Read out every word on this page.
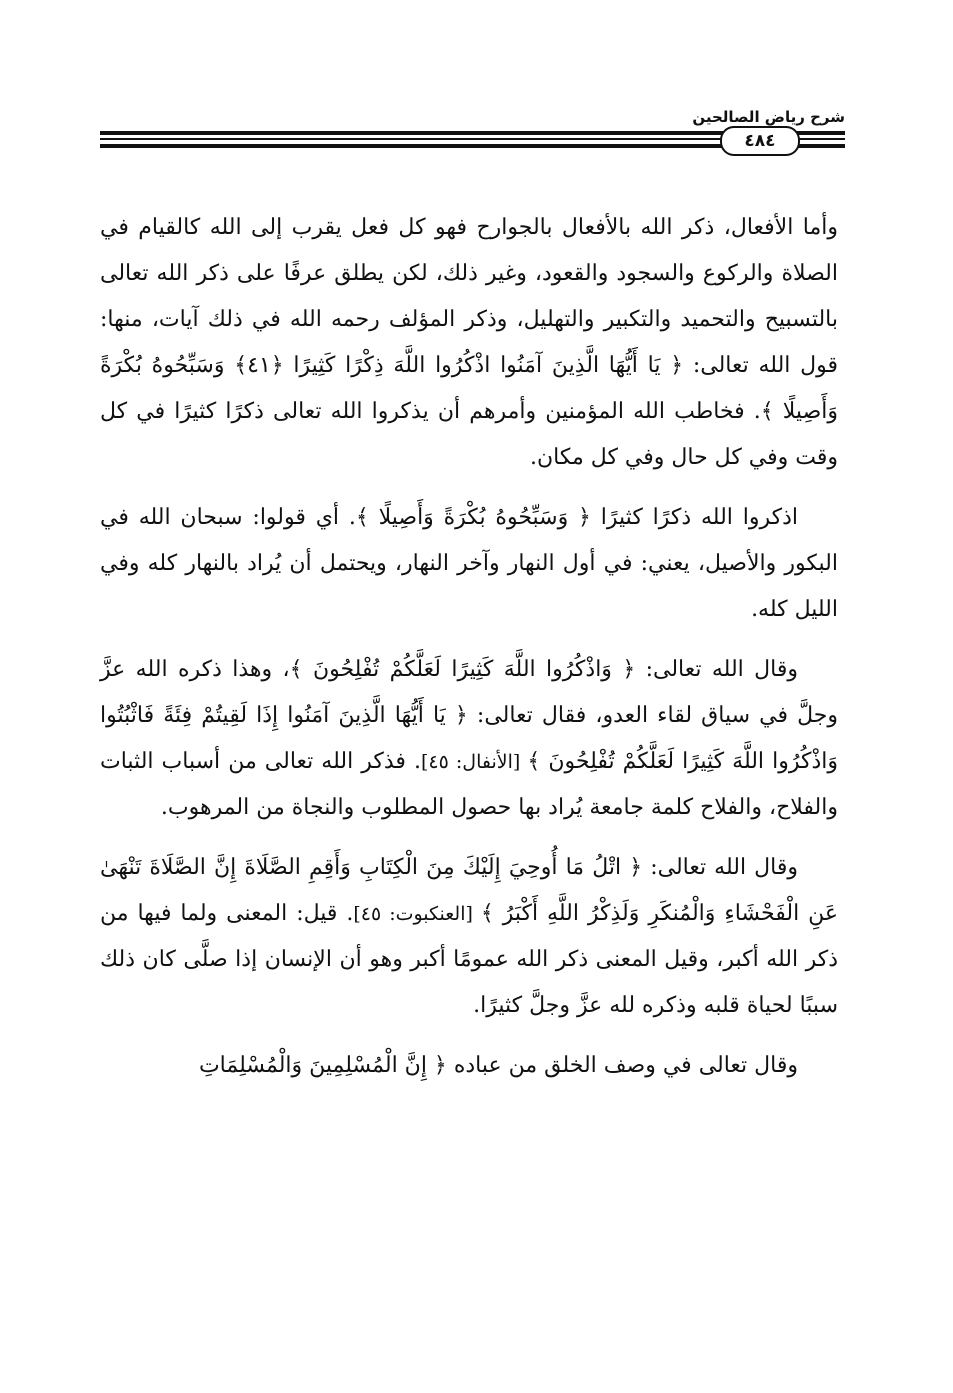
شرح رياض الصالحين
٤٨٤

وأما الأفعال، ذكر الله بالأفعال بالجوارح فهو كل فعل يقرب إلى الله كالقيام في الصلاة والركوع والسجود والقعود، وغير ذلك، لكن يطلق عرفًا على ذكر الله تعالى بالتسبيح والتحميد والتكبير والتهليل، وذكر المؤلف رحمه الله في ذلك آيات، منها: قول الله تعالى: ﴿ يَا أَيُّهَا الَّذِينَ آمَنُوا اذْكُرُوا اللَّهَ ذِكْرًا كَثِيرًا ﴿٤١﴾ وَسَبِّحُوهُ بُكْرَةً وَأَصِيلًا ﴾. فخاطب الله المؤمنين وأمرهم أن يذكروا الله تعالى ذكرًا كثيرًا في كل وقت وفي كل حال وفي كل مكان.

اذكروا الله ذكرًا كثيرًا ﴿ وَسَبِّحُوهُ بُكْرَةً وَأَصِيلًا ﴾. أي قولوا: سبحان الله في البكور والأصيل، يعني: في أول النهار وآخر النهار، ويحتمل أن يُراد بالنهار كله وفي الليل كله.

وقال الله تعالى: ﴿ وَاذْكُرُوا اللَّهَ كَثِيرًا لَعَلَّكُمْ تُفْلِحُونَ ﴾، وهذا ذكره الله عزَّ وجلَّ في سياق لقاء العدو، فقال تعالى: ﴿ يَا أَيُّهَا الَّذِينَ آمَنُوا إِذَا لَقِيتُمْ فِئَةً فَاثْبُتُوا وَاذْكُرُوا اللَّهَ كَثِيرًا لَعَلَّكُمْ تُفْلِحُونَ ﴾ [الأنفال: ٤٥]. فذكر الله تعالى من أسباب الثبات والفلاح، والفلاح كلمة جامعة يُراد بها حصول المطلوب والنجاة من المرهوب.

وقال الله تعالى: ﴿ اتْلُ مَا أُوحِيَ إِلَيْكَ مِنَ الْكِتَابِ وَأَقِمِ الصَّلَاةَ إِنَّ الصَّلَاةَ تَنْهَىٰ عَنِ الْفَحْشَاءِ وَالْمُنكَرِ وَلَذِكْرُ اللَّهِ أَكْبَرُ ﴾ [العنكبوت: ٤٥]. قيل: المعنى ولما فيها من ذكر الله أكبر، وقيل المعنى ذكر الله عمومًا أكبر وهو أن الإنسان إذا صلَّى كان ذلك سببًا لحياة قلبه وذكره لله عزَّ وجلَّ كثيرًا.

وقال تعالى في وصف الخلق من عباده ﴿ إِنَّ الْمُسْلِمِينَ وَالْمُسْلِمَاتِ
